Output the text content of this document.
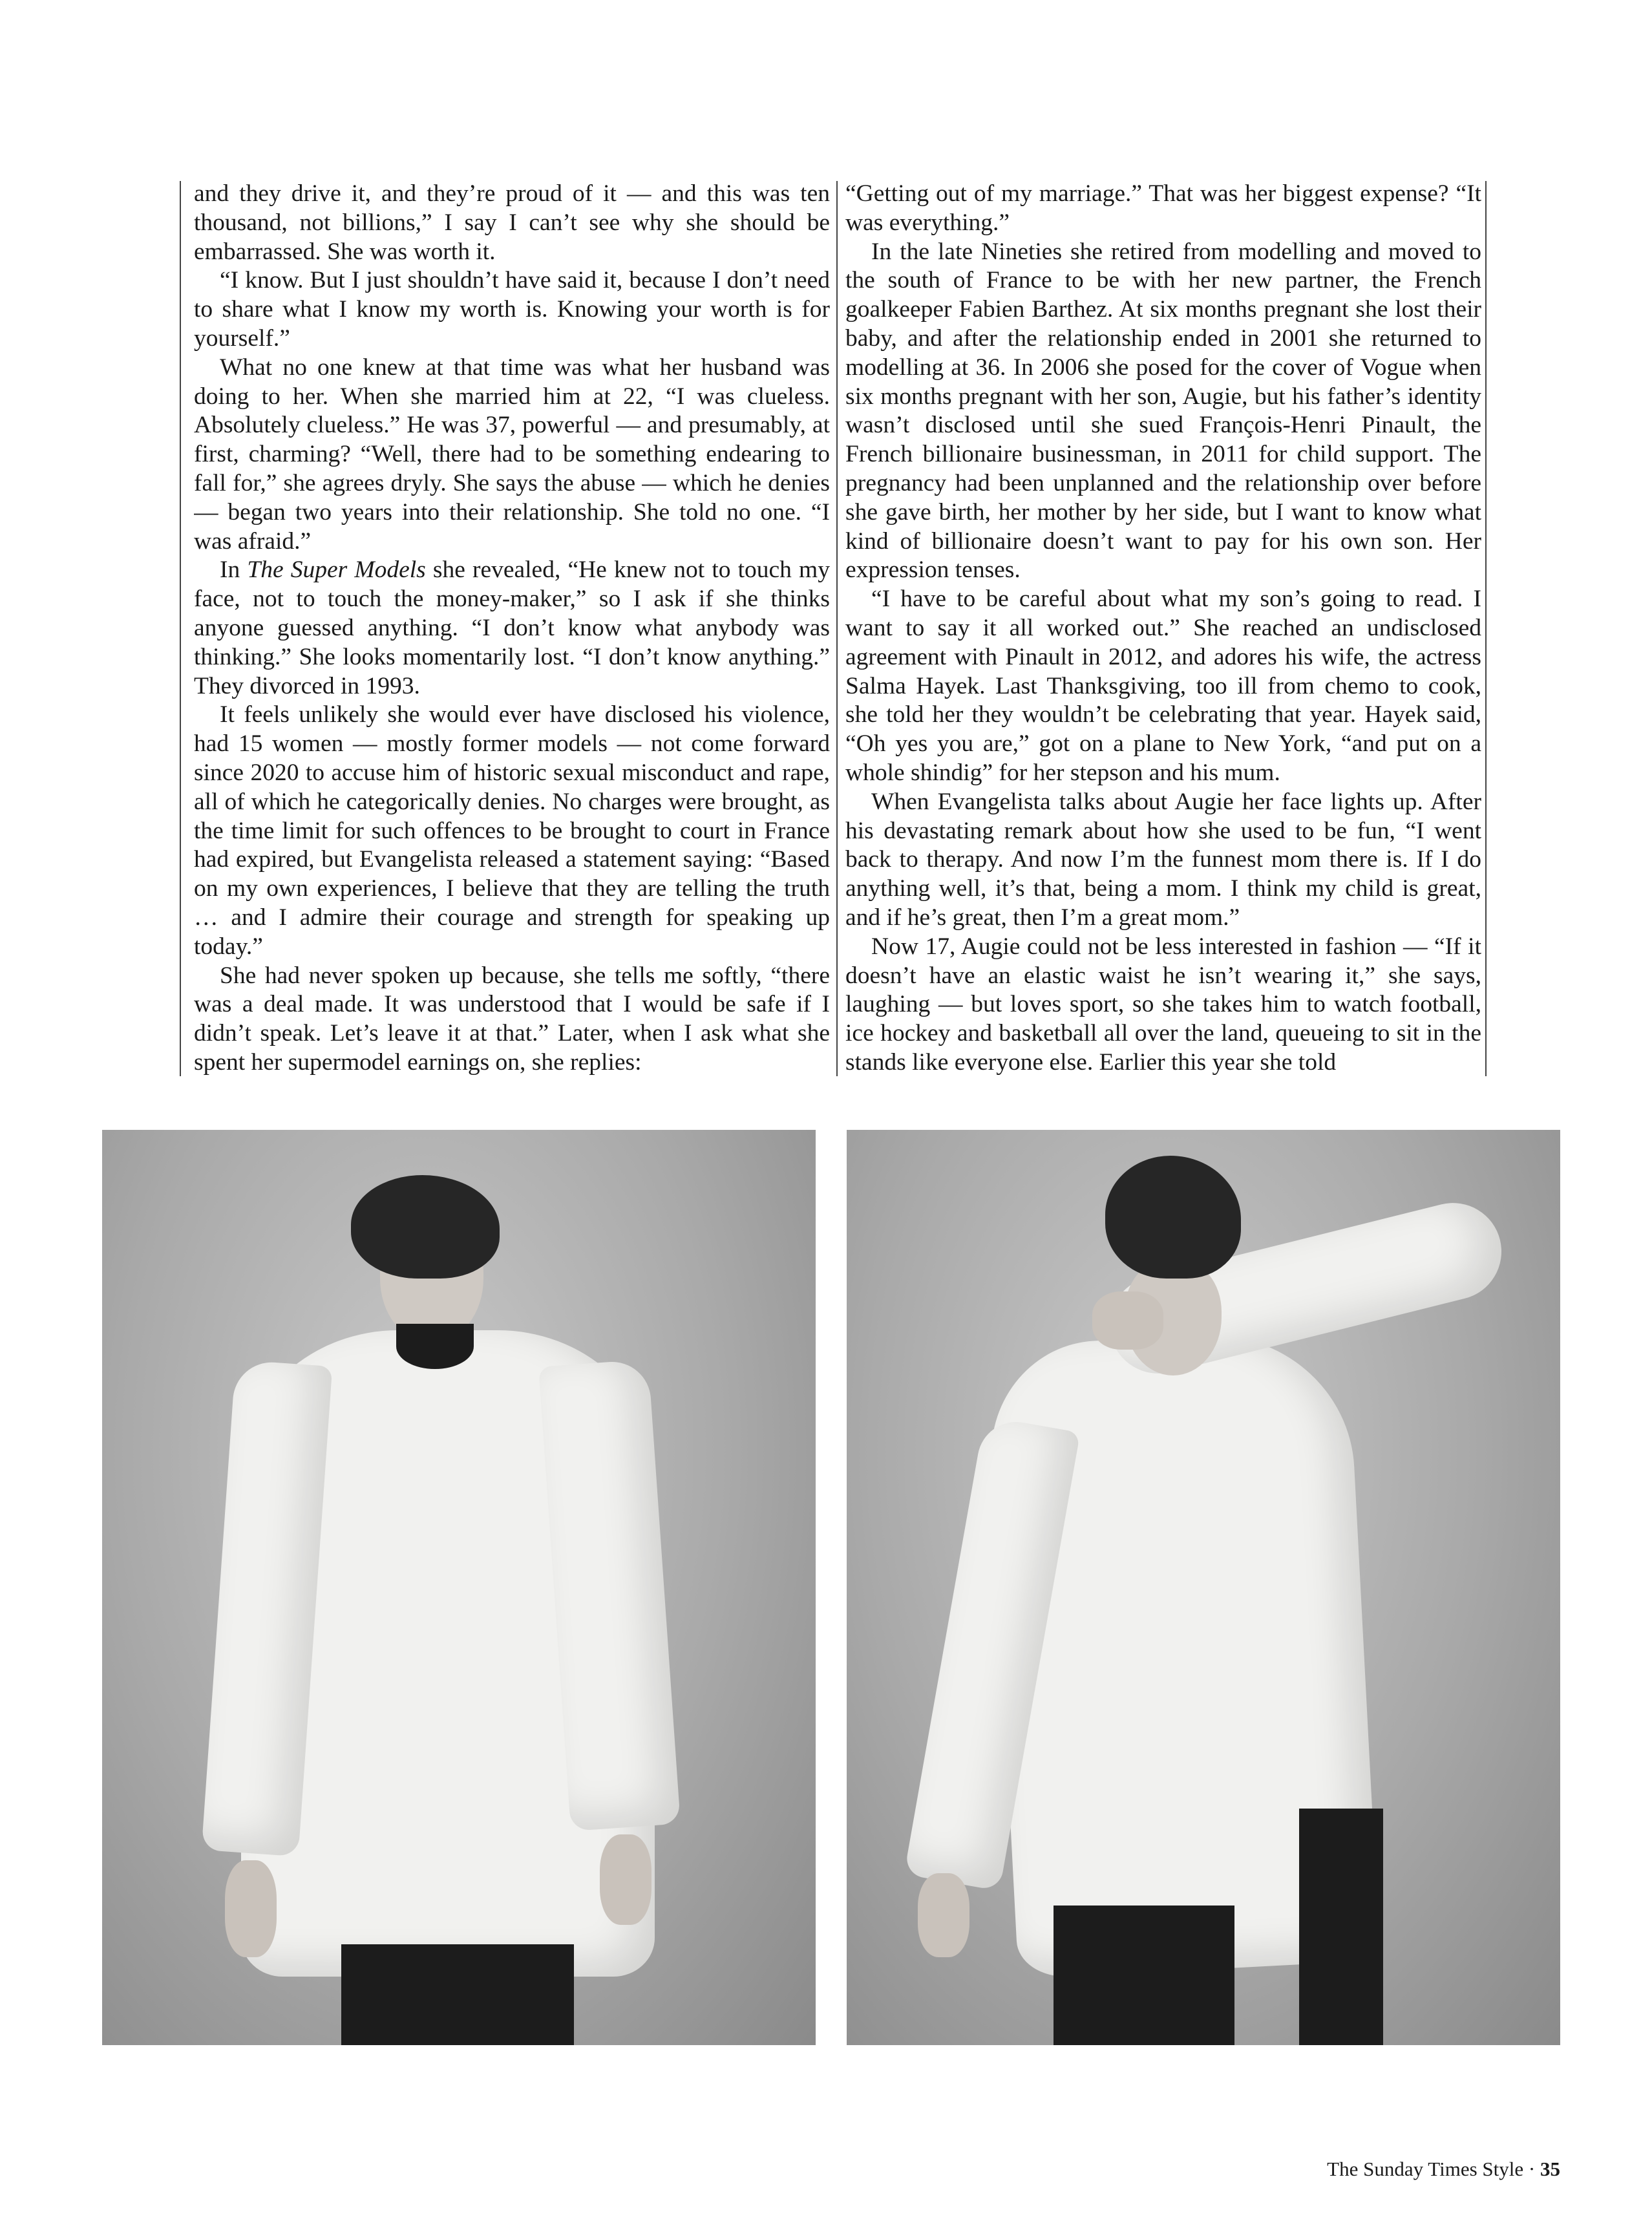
and they drive it, and they’re proud of it — and this was ten thousand, not billions,” I say I can’t see why she should be embarrassed. She was worth it.

“I know. But I just shouldn’t have said it, because I don’t need to share what I know my worth is. Knowing your worth is for yourself.”

What no one knew at that time was what her husband was doing to her. When she married him at 22, “I was clueless. Absolutely clueless.” He was 37, powerful — and presumably, at first, charming? “Well, there had to be something endearing to fall for,” she agrees dryly. She says the abuse — which he denies — began two years into their relationship. She told no one. “I was afraid.”

In The Super Models she revealed, “He knew not to touch my face, not to touch the money-maker,” so I ask if she thinks anyone guessed anything. “I don’t know what anybody was thinking.” She looks momentarily lost. “I don’t know anything.” They divorced in 1993.

It feels unlikely she would ever have disclosed his violence, had 15 women — mostly former models — not come forward since 2020 to accuse him of historic sexual misconduct and rape, all of which he categorically denies. No charges were brought, as the time limit for such offences to be brought to court in France had expired, but Evangelista released a statement saying: “Based on my own experiences, I believe that they are telling the truth … and I admire their courage and strength for speaking up today.”

She had never spoken up because, she tells me softly, “there was a deal made. It was understood that I would be safe if I didn’t speak. Let’s leave it at that.” Later, when I ask what she spent her supermodel earnings on, she replies:

“Getting out of my marriage.” That was her biggest expense? “It was everything.”

In the late Nineties she retired from modelling and moved to the south of France to be with her new partner, the French goalkeeper Fabien Barthez. At six months pregnant she lost their baby, and after the relationship ended in 2001 she returned to modelling at 36. In 2006 she posed for the cover of Vogue when six months pregnant with her son, Augie, but his father’s identity wasn’t disclosed until she sued François-Henri Pinault, the French billionaire businessman, in 2011 for child support. The pregnancy had been unplanned and the relationship over before she gave birth, her mother by her side, but I want to know what kind of billionaire doesn’t want to pay for his own son. Her expression tenses.

“I have to be careful about what my son’s going to read. I want to say it all worked out.” She reached an undisclosed agreement with Pinault in 2012, and adores his wife, the actress Salma Hayek. Last Thanksgiving, too ill from chemo to cook, she told her they wouldn’t be celebrating that year. Hayek said, “Oh yes you are,” got on a plane to New York, “and put on a whole shindig” for her stepson and his mum.

When Evangelista talks about Augie her face lights up. After his devastating remark about how she used to be fun, “I went back to therapy. And now I’m the funnest mom there is. If I do anything well, it’s that, being a mom. I think my child is great, and if he’s great, then I’m a great mom.”

Now 17, Augie could not be less interested in fashion — “If it doesn’t have an elastic waist he isn’t wearing it,” she says, laughing — but loves sport, so she takes him to watch football, ice hockey and basketball all over the land, queueing to sit in the stands like everyone else. Earlier this year she told

The Sunday Times Style · 35
